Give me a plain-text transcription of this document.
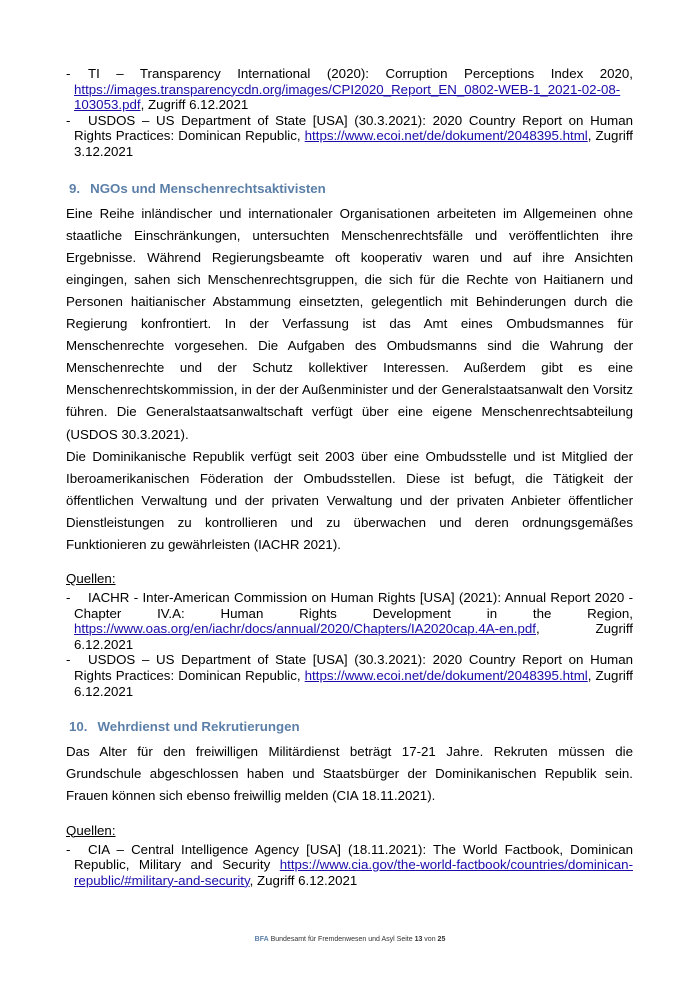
-	TI – Transparency International (2020): Corruption Perceptions Index 2020, https://images.transparencycdn.org/images/CPI2020_Report_EN_0802-WEB-1_2021-02-08-103053.pdf, Zugriff 6.12.2021
-	USDOS – US Department of State [USA] (30.3.2021): 2020 Country Report on Human Rights Practices: Dominican Republic, https://www.ecoi.net/de/dokument/2048395.html, Zugriff 3.12.2021
9. NGOs und Menschenrechtsaktivisten

Eine Reihe inländischer und internationaler Organisationen arbeiteten im Allgemeinen ohne staatliche Einschränkungen, untersuchten Menschenrechtsfälle und veröffentlichten ihre Ergebnisse. Während Regierungsbeamte oft kooperativ waren und auf ihre Ansichten eingingen, sahen sich Menschenrechtsgruppen, die sich für die Rechte von Haitianern und Personen haitianischer Abstammung einsetzten, gelegentlich mit Behinderungen durch die Regierung konfrontiert. In der Verfassung ist das Amt eines Ombudsmannes für Menschenrechte vorgesehen. Die Aufgaben des Ombudsmanns sind die Wahrung der Menschenrechte und der Schutz kollektiver Interessen. Außerdem gibt es eine Menschenrechtskommission, in der der Außenminister und der Generalstaatsanwalt den Vorsitz führen. Die Generalstaatsanwaltschaft verfügt über eine eigene Menschenrechtsabteilung (USDOS 30.3.2021).

Die Dominikanische Republik verfügt seit 2003 über eine Ombudsstelle und ist Mitglied der Iberoamerikanischen Föderation der Ombudsstellen. Diese ist befugt, die Tätigkeit der öffentlichen Verwaltung und der privaten Verwaltung und der privaten Anbieter öffentlicher Dienstleistungen zu kontrollieren und zu überwachen und deren ordnungsgemäßes Funktionieren zu gewährleisten (IACHR 2021).

Quellen:

-	IACHR - Inter-American Commission on Human Rights [USA] (2021): Annual Report 2020 - Chapter IV.A: Human Rights Development in the Region, https://www.oas.org/en/iachr/docs/annual/2020/Chapters/IA2020cap.4A-en.pdf, Zugriff 6.12.2021
-	USDOS – US Department of State [USA] (30.3.2021): 2020 Country Report on Human Rights Practices: Dominican Republic, https://www.ecoi.net/de/dokument/2048395.html, Zugriff 6.12.2021
10. Wehrdienst und Rekrutierungen

Das Alter für den freiwilligen Militärdienst beträgt 17-21 Jahre. Rekruten müssen die Grundschule abgeschlossen haben und Staatsbürger der Dominikanischen Republik sein. Frauen können sich ebenso freiwillig melden (CIA 18.11.2021).

Quellen:

-	CIA – Central Intelligence Agency [USA] (18.11.2021): The World Factbook, Dominican Republic, Military and Security https://www.cia.gov/the-world-factbook/countries/dominican-republic/#military-and-security, Zugriff 6.12.2021
BFA Bundesamt für Fremdenwesen und Asyl Seite 13 von 25
